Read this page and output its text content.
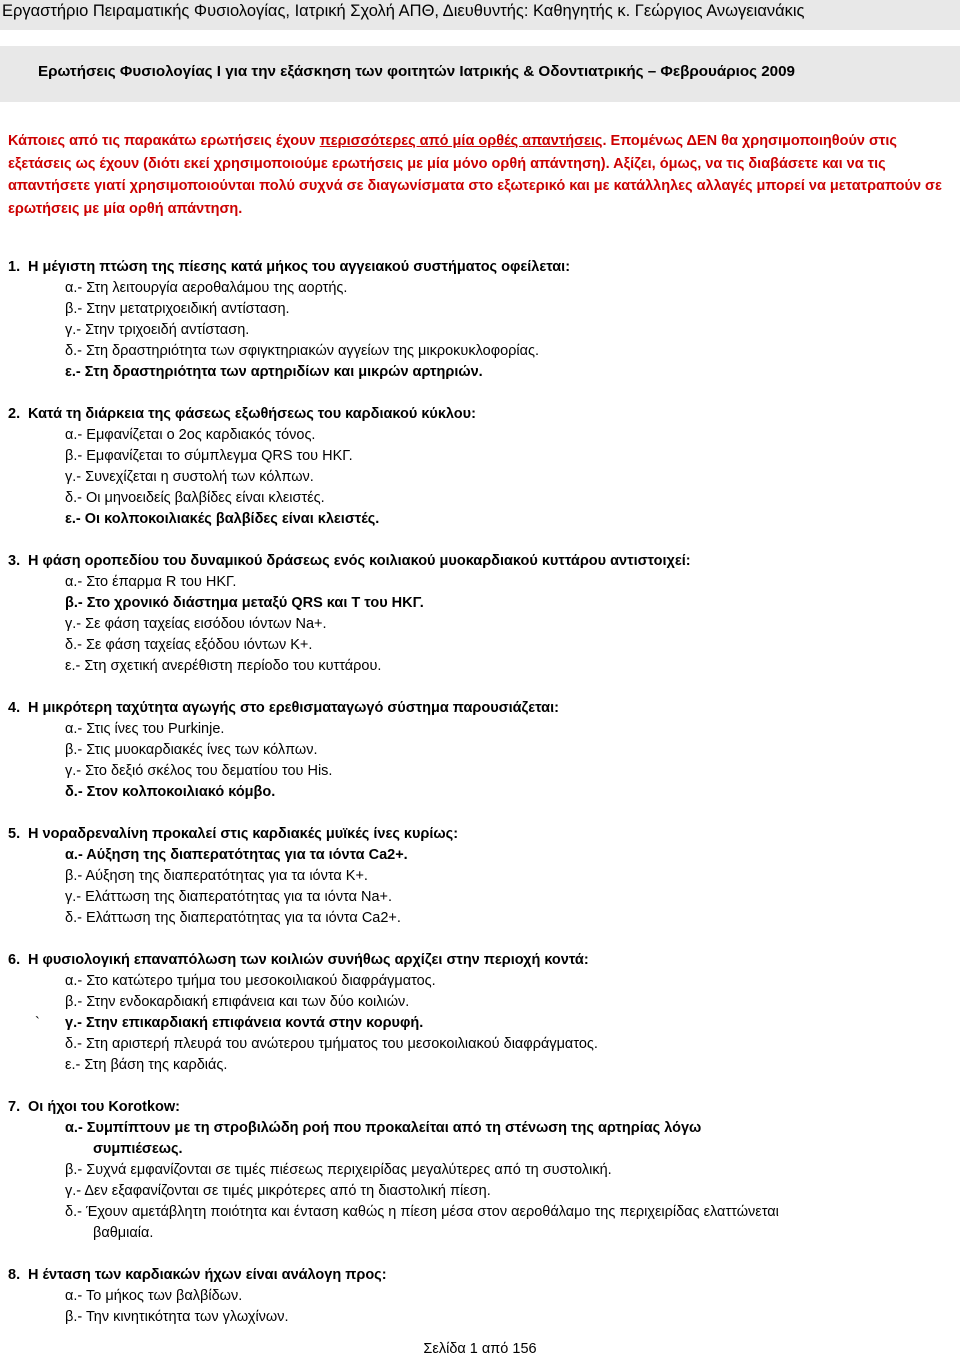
Εργαστήριο Πειραματικής Φυσιολογίας, Ιατρική Σχολή ΑΠΘ, Διευθυντής: Καθηγητής κ. Γεώργιος Ανωγειανάκις
Ερωτήσεις Φυσιολογίας Ι για την εξάσκηση των φοιτητών Ιατρικής & Οδοντιατρικής – Φεβρουάριος 2009
Κάποιες από τις παρακάτω ερωτήσεις έχουν περισσότερες από μία ορθές απαντήσεις. Επομένως ΔΕΝ θα χρησιμοποιηθούν στις εξετάσεις ως έχουν (διότι εκεί χρησιμοποιούμε ερωτήσεις με μία μόνο ορθή απάντηση). Αξίζει, όμως, να τις διαβάσετε και να τις απαντήσετε γιατί χρησιμοποιούνται πολύ συχνά σε διαγωνίσματα στο εξωτερικό και με κατάλληλες αλλαγές μπορεί να μετατραπούν σε ερωτήσεις με μία ορθή απάντηση.
1. Η μέγιστη πτώση της πίεσης κατά μήκος του αγγειακού συστήματος οφείλεται:
α.- Στη λειτουργία αεροθαλάμου της αορτής.
β.- Στην μετατριχοειδική αντίσταση.
γ.- Στην τριχοειδή αντίσταση.
δ.- Στη δραστηριότητα των σφιγκτηριακών αγγείων της μικροκυκλοφορίας.
ε.- Στη δραστηριότητα των αρτηριδίων και μικρών αρτηριών.
2. Κατά τη διάρκεια της φάσεως εξωθήσεως του καρδιακού κύκλου:
α.- Εμφανίζεται ο 2ος καρδιακός τόνος.
β.- Εμφανίζεται το σύμπλεγμα QRS του ΗΚΓ.
γ.- Συνεχίζεται η συστολή των κόλπων.
δ.- Οι μηνοειδείς βαλβίδες είναι κλειστές.
ε.- Οι κολποκοιλιακές βαλβίδες είναι κλειστές.
3. Η φάση οροπεδίου του δυναμικού δράσεως ενός κοιλιακού μυοκαρδιακού κυττάρου αντιστοιχεί:
α.- Στο έπαρμα R του ΗΚΓ.
β.- Στο χρονικό διάστημα μεταξύ QRS και T του ΗΚΓ.
γ.- Σε φάση ταχείας εισόδου ιόντων Na+.
δ.- Σε φάση ταχείας εξόδου ιόντων K+.
ε.- Στη σχετική ανερέθιστη περίοδο του κυττάρου.
4. Η μικρότερη ταχύτητα αγωγής στο ερεθισματαγωγό σύστημα παρουσιάζεται:
α.- Στις ίνες του Purkinje.
β.- Στις μυοκαρδιακές ίνες των κόλπων.
γ.- Στο δεξιό σκέλος του δεματίου του His.
δ.- Στον κολποκοιλιακό κόμβο.
5. Η νοραδρεναλίνη προκαλεί στις καρδιακές μυϊκές ίνες κυρίως:
α.- Αύξηση της διαπερατότητας για τα ιόντα Ca2+.
β.- Αύξηση της διαπερατότητας για τα ιόντα K+.
γ.- Ελάττωση της διαπερατότητας για τα ιόντα Na+.
δ.- Ελάττωση της διαπερατότητας για τα ιόντα Ca2+.
6. Η φυσιολογική επαναπόλωση των κοιλιών συνήθως αρχίζει στην περιοχή κοντά:
α.- Στο κατώτερο τμήμα του μεσοκοιλιακού διαφράγματος.
β.- Στην ενδοκαρδιακή επιφάνεια και των δύο κοιλιών.
` γ.- Στην επικαρδιακή επιφάνεια κοντά στην κορυφή.
δ.- Στη αριστερή πλευρά του ανώτερου τμήματος του μεσοκοιλιακού διαφράγματος.
ε.- Στη βάση της καρδιάς.
7. Οι ήχοι του Korotkow:
α.- Συμπίπτουν με τη στροβιλώδη ροή που προκαλείται από τη στένωση της αρτηρίας λόγω
συμπιέσεως.
β.- Συχνά εμφανίζονται σε τιμές πιέσεως περιχειρίδας μεγαλύτερες από τη συστολική.
γ.- Δεν εξαφανίζονται σε τιμές μικρότερες από τη διαστολική πίεση.
δ.- Έχουν αμετάβλητη ποιότητα και ένταση καθώς η πίεση μέσα στον αεροθάλαμο της περιχειρίδας ελαττώνεται
βαθμιαία.
8. Η ένταση των καρδιακών ήχων είναι ανάλογη προς:
α.- Το μήκος των βαλβίδων.
β.- Την κινητικότητα των γλωχίνων.
Σελίδα 1 από 156
